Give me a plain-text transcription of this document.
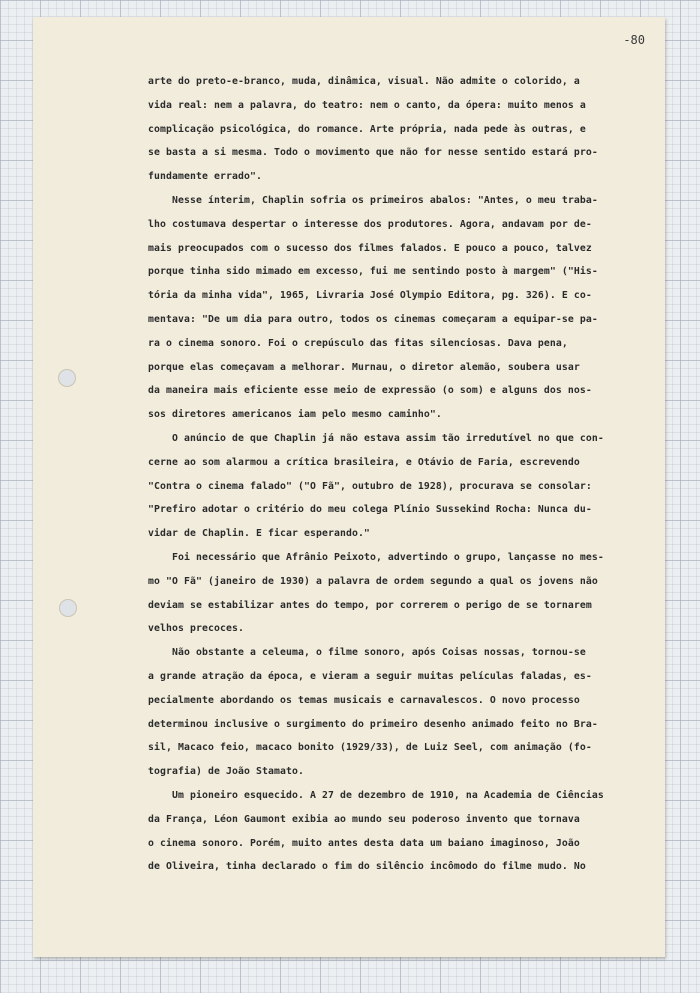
-80
arte do preto-e-branco, muda, dinâmica, visual. Não admite o colorido, a
vida real: nem a palavra, do teatro: nem o canto, da ópera: muito menos a
complicação psicológica, do romance. Arte própria, nada pede às outras, e
se basta a si mesma. Todo o movimento que não for nesse sentido estará pro-
fundamente errado".
Nesse ínterim, Chaplin sofria os primeiros abalos: "Antes, o meu traba-
lho costumava despertar o interesse dos produtores. Agora, andavam por de-
mais preocupados com o sucesso dos filmes falados. E pouco a pouco, talvez
porque tinha sido mimado em excesso, fui me sentindo posto à margem" ("His-
tória da minha vida", 1965, Livraria José Olympio Editora, pg. 326). E co-
mentava: "De um dia para outro, todos os cinemas começaram a equipar-se pa-
ra o cinema sonoro. Foi o crepúsculo das fitas silenciosas. Dava pena,
porque elas começavam a melhorar. Murnau, o diretor alemão, soubera usar
da maneira mais eficiente esse meio de expressão (o som) e alguns dos nos-
sos diretores americanos iam pelo mesmo caminho".
O anúncio de que Chaplin já não estava assim tão irredutível no que con-
cerne ao som alarmou a crítica brasileira, e Otávio de Faria, escrevendo
"Contra o cinema falado" ("O Fã", outubro de 1928), procurava se consolar:
"Prefiro adotar o critério do meu colega Plínio Sussekind Rocha: Nunca du-
vidar de Chaplin. E ficar esperando."
Foi necessário que Afrânio Peixoto, advertindo o grupo, lançasse no mes-
mo "O Fã" (janeiro de 1930) a palavra de ordem segundo a qual os jovens não
deviam se estabilizar antes do tempo, por correrem o perigo de se tornarem
velhos precoces.
Não obstante a celeuma, o filme sonoro, após Coisas nossas, tornou-se
a grande atração da época, e vieram a seguir muitas películas faladas, es-
pecialmente abordando os temas musicais e carnavalescos. O novo processo
determinou inclusive o surgimento do primeiro desenho animado feito no Bra-
sil, Macaco feio, macaco bonito (1929/33), de Luiz Seel, com animação (fo-
tografia) de João Stamato.
Um pioneiro esquecido. A 27 de dezembro de 1910, na Academia de Ciências
da França, Léon Gaumont exibia ao mundo seu poderoso invento que tornava
o cinema sonoro. Porém, muito antes desta data um baiano imaginoso, João
de Oliveira, tinha declarado o fim do silêncio incômodo do filme mudo. No
